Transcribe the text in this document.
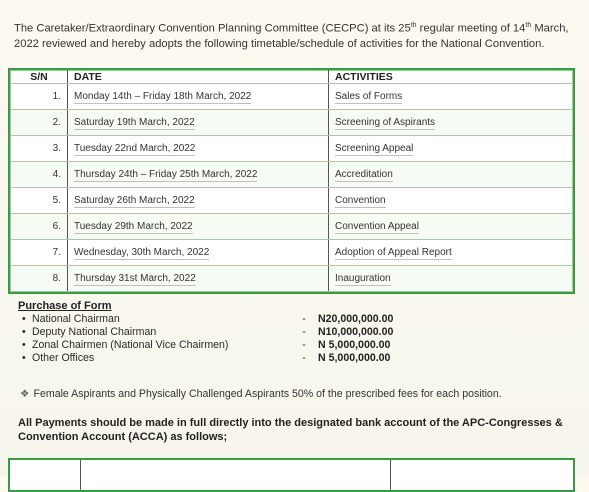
The Caretaker/Extraordinary Convention Planning Committee (CECPC) at its 25th regular meeting of 14th March, 2022 reviewed and hereby adopts the following timetable/schedule of activities for the National Convention.
S/N	DATE	ACTIVITIES
1.	Monday 14th – Friday 18th March, 2022	Sales of Forms
2.	Saturday 19th March, 2022	Screening of Aspirants
3.	Tuesday 22nd March, 2022	Screening Appeal
4.	Thursday 24th – Friday 25th March, 2022	Accreditation
5.	Saturday 26th March, 2022	Convention
6.	Tuesday 29th March, 2022	Convention Appeal
7.	Wednesday, 30th March, 2022	Adoption of Appeal Report
8.	Thursday 31st March, 2022	Inauguration
Purchase of Form
• National Chairman	-	N20,000,000.00
• Deputy National Chairman	-	N10,000,000.00
• Zonal Chairmen (National Vice Chairmen)	-	N 5,000,000.00
• Other Offices	-	N 5,000,000.00
❖ Female Aspirants and Physically Challenged Aspirants 50% of the prescribed fees for each position.
All Payments should be made in full directly into the designated bank account of the APC-Congresses & Convention Account (ACCA) as follows;
